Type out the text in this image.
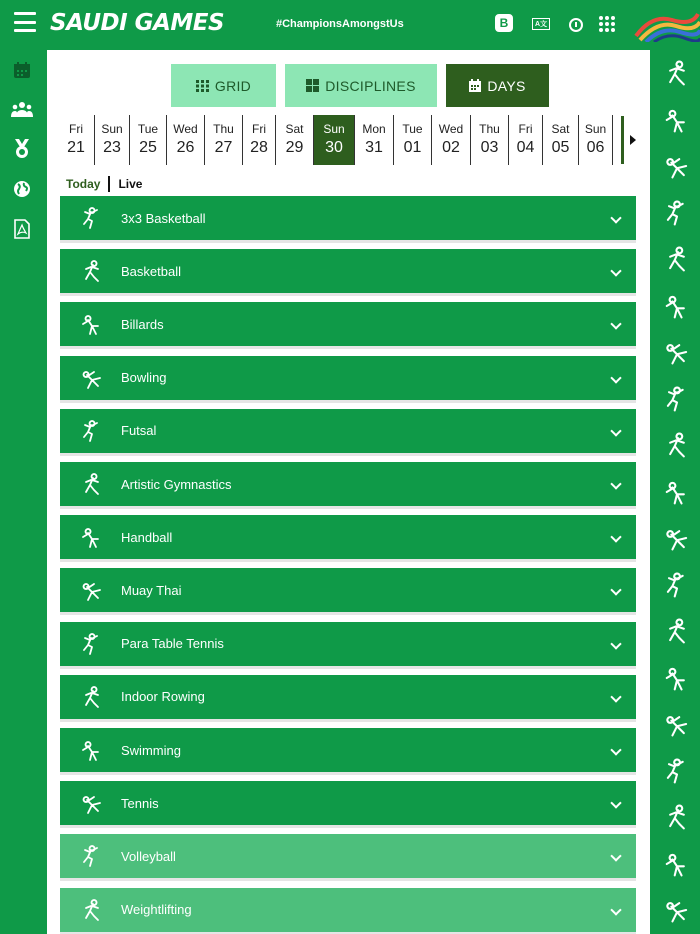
SAUDI GAMES	#ChampionsAmongstUs	B	A文
GRID	DISCIPLINES	DAYS
Fri
21
Sun
23
Tue
25
Wed
26
Thu
27
Fri
28
Sat
29
Sun
30
Mon
31
Tue
01
Wed
02
Thu
03
Fri
04
Sat
05
Sun
06
Today Live
3x3 Basketball
Basketball
Billards
Bowling
Futsal
Artistic Gymnastics
Handball
Muay Thai
Para Table Tennis
Indoor Rowing
Swimming
Tennis
Volleyball
Weightlifting
